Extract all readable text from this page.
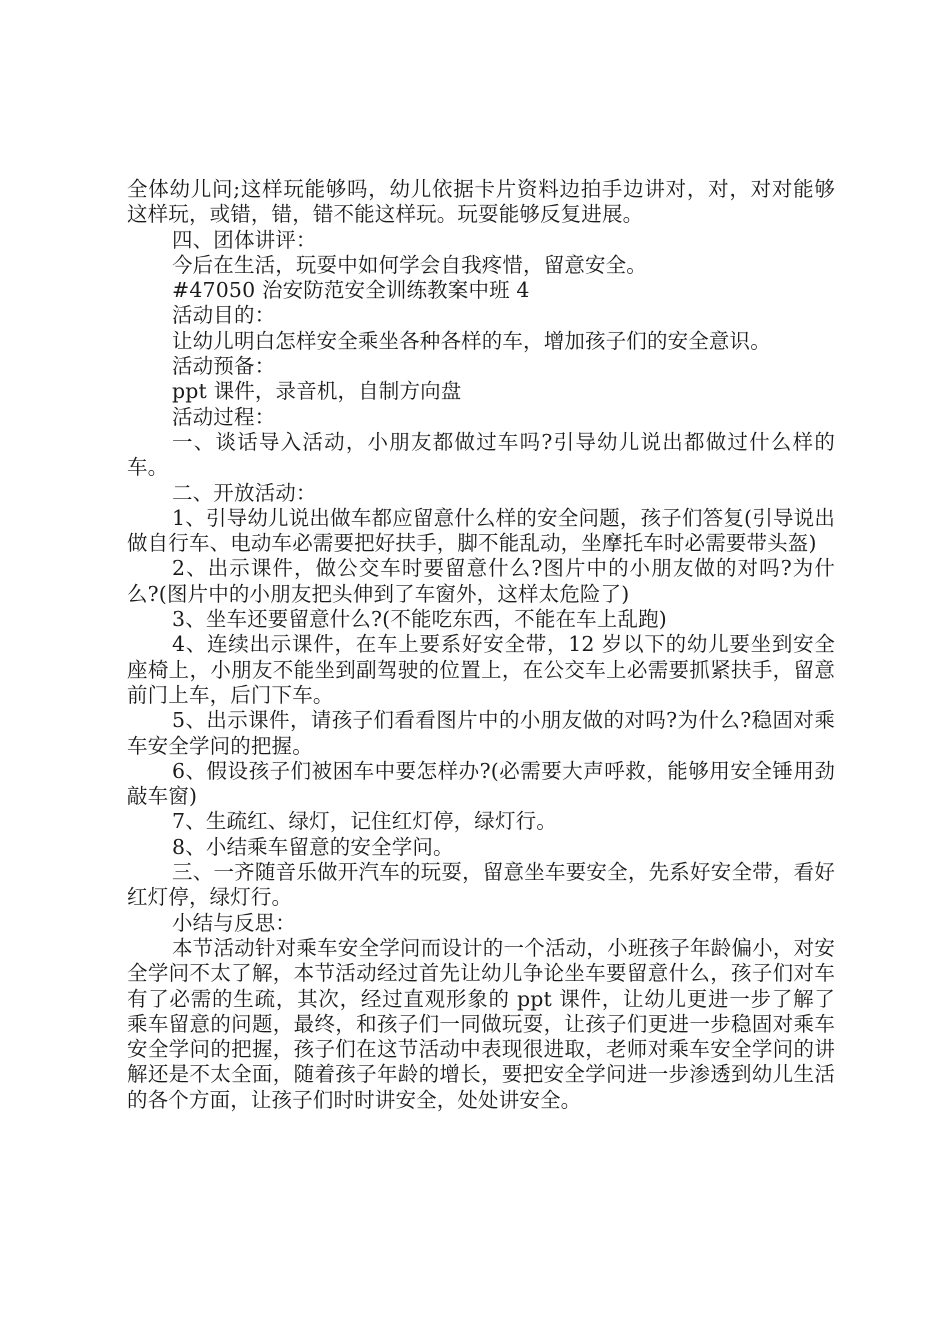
全体幼儿问;这样玩能够吗，幼儿依据卡片资料边拍手边讲对，对，对对能够这样玩，或错，错，错不能这样玩。玩耍能够反复进展。

四、团体讲评：

今后在生活，玩耍中如何学会自我疼惜，留意安全。

#47050 治安防范安全训练教案中班 4

活动目的：

让幼儿明白怎样安全乘坐各种各样的车，增加孩子们的安全意识。

活动预备：

ppt 课件，录音机，自制方向盘

活动过程：

一、谈话导入活动，小朋友都做过车吗?引导幼儿说出都做过什么样的车。

二、开放活动：

1、引导幼儿说出做车都应留意什么样的安全问题，孩子们答复(引导说出做自行车、电动车必需要把好扶手，脚不能乱动，坐摩托车时必需要带头盔)

2、出示课件，做公交车时要留意什么?图片中的小朋友做的对吗?为什么?(图片中的小朋友把头伸到了车窗外，这样太危险了)

3、坐车还要留意什么?(不能吃东西，不能在车上乱跑)

4、连续出示课件，在车上要系好安全带，12 岁以下的幼儿要坐到安全座椅上，小朋友不能坐到副驾驶的位置上，在公交车上必需要抓紧扶手，留意前门上车，后门下车。

5、出示课件，请孩子们看看图片中的小朋友做的对吗?为什么?稳固对乘车安全学问的把握。

6、假设孩子们被困车中要怎样办?(必需要大声呼救，能够用安全锤用劲敲车窗)

7、生疏红、绿灯，记住红灯停，绿灯行。

8、小结乘车留意的安全学问。

三、一齐随音乐做开汽车的玩耍，留意坐车要安全，先系好安全带，看好红灯停，绿灯行。

小结与反思：

本节活动针对乘车安全学问而设计的一个活动，小班孩子年龄偏小，对安全学问不太了解，本节活动经过首先让幼儿争论坐车要留意什么，孩子们对车有了必需的生疏，其次，经过直观形象的 ppt 课件，让幼儿更进一步了解了乘车留意的问题，最终，和孩子们一同做玩耍，让孩子们更进一步稳固对乘车安全学问的把握，孩子们在这节活动中表现很进取，老师对乘车安全学问的讲解还是不太全面，随着孩子年龄的增长，要把安全学问进一步渗透到幼儿生活的各个方面，让孩子们时时讲安全，处处讲安全。
